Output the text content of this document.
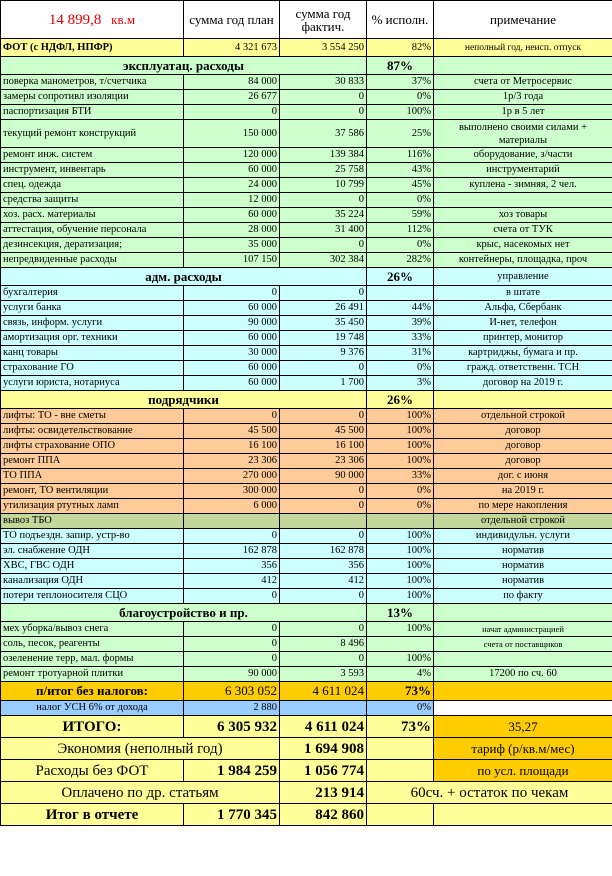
14 899,8 кв.м	сумма год план	сумма год фактич.	% исполн.	примечание
ФОТ (с НДФЛ, НПФР)	4 321 673	3 554 250	82%	неполный год, неисп. отпуск
эксплуатац. расходы			87%	
поверка манометров, т/счетчика	84 000	30 833	37%	счета от Метросервис
замеры сопротивл изоляции	26 677	0	0%	1р/3 года
паспортизация БТИ	0	0	100%	1р в 5 лет
текущий ремонт конструкций	150 000	37 586	25%	выполнено своими силами + материалы
ремонт инж. систем	120 000	139 384	116%	оборудование, з/части
инструмент, инвентарь	60 000	25 758	43%	инструментарий
спец. одежда	24 000	10 799	45%	куплена - зимняя, 2 чел.
средства защиты	12 000	0	0%	
хоз. расх. материалы	60 000	35 224	59%	хоз товары
аттестация, обучение персонала	28 000	31 400	112%	счета от ТУК
дезинсекция, дератизация;	35 000	0	0%	крыс, насекомых нет
непредвиденные расходы	107 150	302 384	282%	контейнеры, площадка, проч
адм. расходы			26%	управление
бухгалтерия	0	0		в штате
услуги банка	60 000	26 491	44%	Альфа, Сбербанк
связь, информ. услуги	90 000	35 450	39%	И-нет, телефон
амортизация орг. техники	60 000	19 748	33%	принтер, монитор
канц товары	30 000	9 376	31%	картриджы, бумага и пр.
страхование ГО	60 000	0	0%	гражд. ответственн. ТСН
услуги юриста, нотариуса	60 000	1 700	3%	договор на 2019 г.
подрядчики			26%	
лифты: ТО - вне сметы	0	0	100%	отдельной строкой
лифты: освидетельствование	45 500	45 500	100%	договор
лифты страхование ОПО	16 100	16 100	100%	договор
ремонт ППА	23 306	23 306	100%	договор
ТО ППА	270 000	90 000	33%	дог. с июня
ремонт, ТО вентиляции	300 000	0	0%	на 2019 г.
утилизация ртутных ламп	6 000	0	0%	по мере накопления
вывоз ТБО				отдельной строкой
ТО подъездн. запир. устр-во	0	0	100%	индивидульн. услуги
эл. снабжение ОДН	162 878	162 878	100%	норматив
ХВС, ГВС ОДН	356	356	100%	норматив
канализация ОДН	412	412	100%	норматив
потери теплоносителя СЦО	0	0	100%	по факту
благоустройство и пр.			13%	
мех уборка/вывоз снега	0	0	100%	начат администрацией
соль, песок, реагенты	0	8 496		счета от поставщиков
озеленение терр, мал. формы	0	0	100%	
ремонт тротуарной плитки	90 000	3 593	4%	17200 по сч. 60
п/итог без налогов:	6 303 052	4 611 024	73%	
налог УСН 6% от дохода	2 880		0%	
ИТОГО:	6 305 932	4 611 024	73%	35,27
Экономия (неполный год)		1 694 908		тариф (р/кв.м/мес)
Расходы без ФОТ	1 984 259	1 056 774		по усл. площади
Оплачено по др. статьям		213 914	60сч. + остаток по чекам	
Итог в отчете	1 770 345	842 860		
